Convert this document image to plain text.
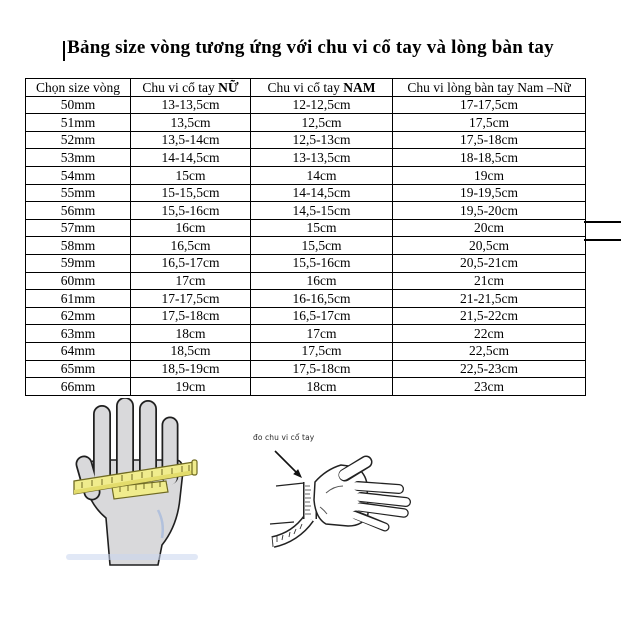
Bảng size vòng tương ứng với chu vi cổ tay và lòng bàn tay
Chọn size vòng	Chu vi cổ tay NỮ	Chu vi cổ tay NAM	Chu vi lòng bàn tay Nam –Nữ
50mm	13-13,5cm	12-12,5cm	17-17,5cm
51mm	13,5cm	12,5cm	17,5cm
52mm	13,5-14cm	12,5-13cm	17,5-18cm
53mm	14-14,5cm	13-13,5cm	18-18,5cm
54mm	15cm	14cm	19cm
55mm	15-15,5cm	14-14,5cm	19-19,5cm
56mm	15,5-16cm	14,5-15cm	19,5-20cm
57mm	16cm	15cm	20cm
58mm	16,5cm	15,5cm	20,5cm
59mm	16,5-17cm	15,5-16cm	20,5-21cm
60mm	17cm	16cm	21cm
61mm	17-17,5cm	16-16,5cm	21-21,5cm
62mm	17,5-18cm	16,5-17cm	21,5-22cm
63mm	18cm	17cm	22cm
64mm	18,5cm	17,5cm	22,5cm
65mm	18,5-19cm	17,5-18cm	22,5-23cm
66mm	19cm	18cm	23cm
đo chu vi cổ tay
